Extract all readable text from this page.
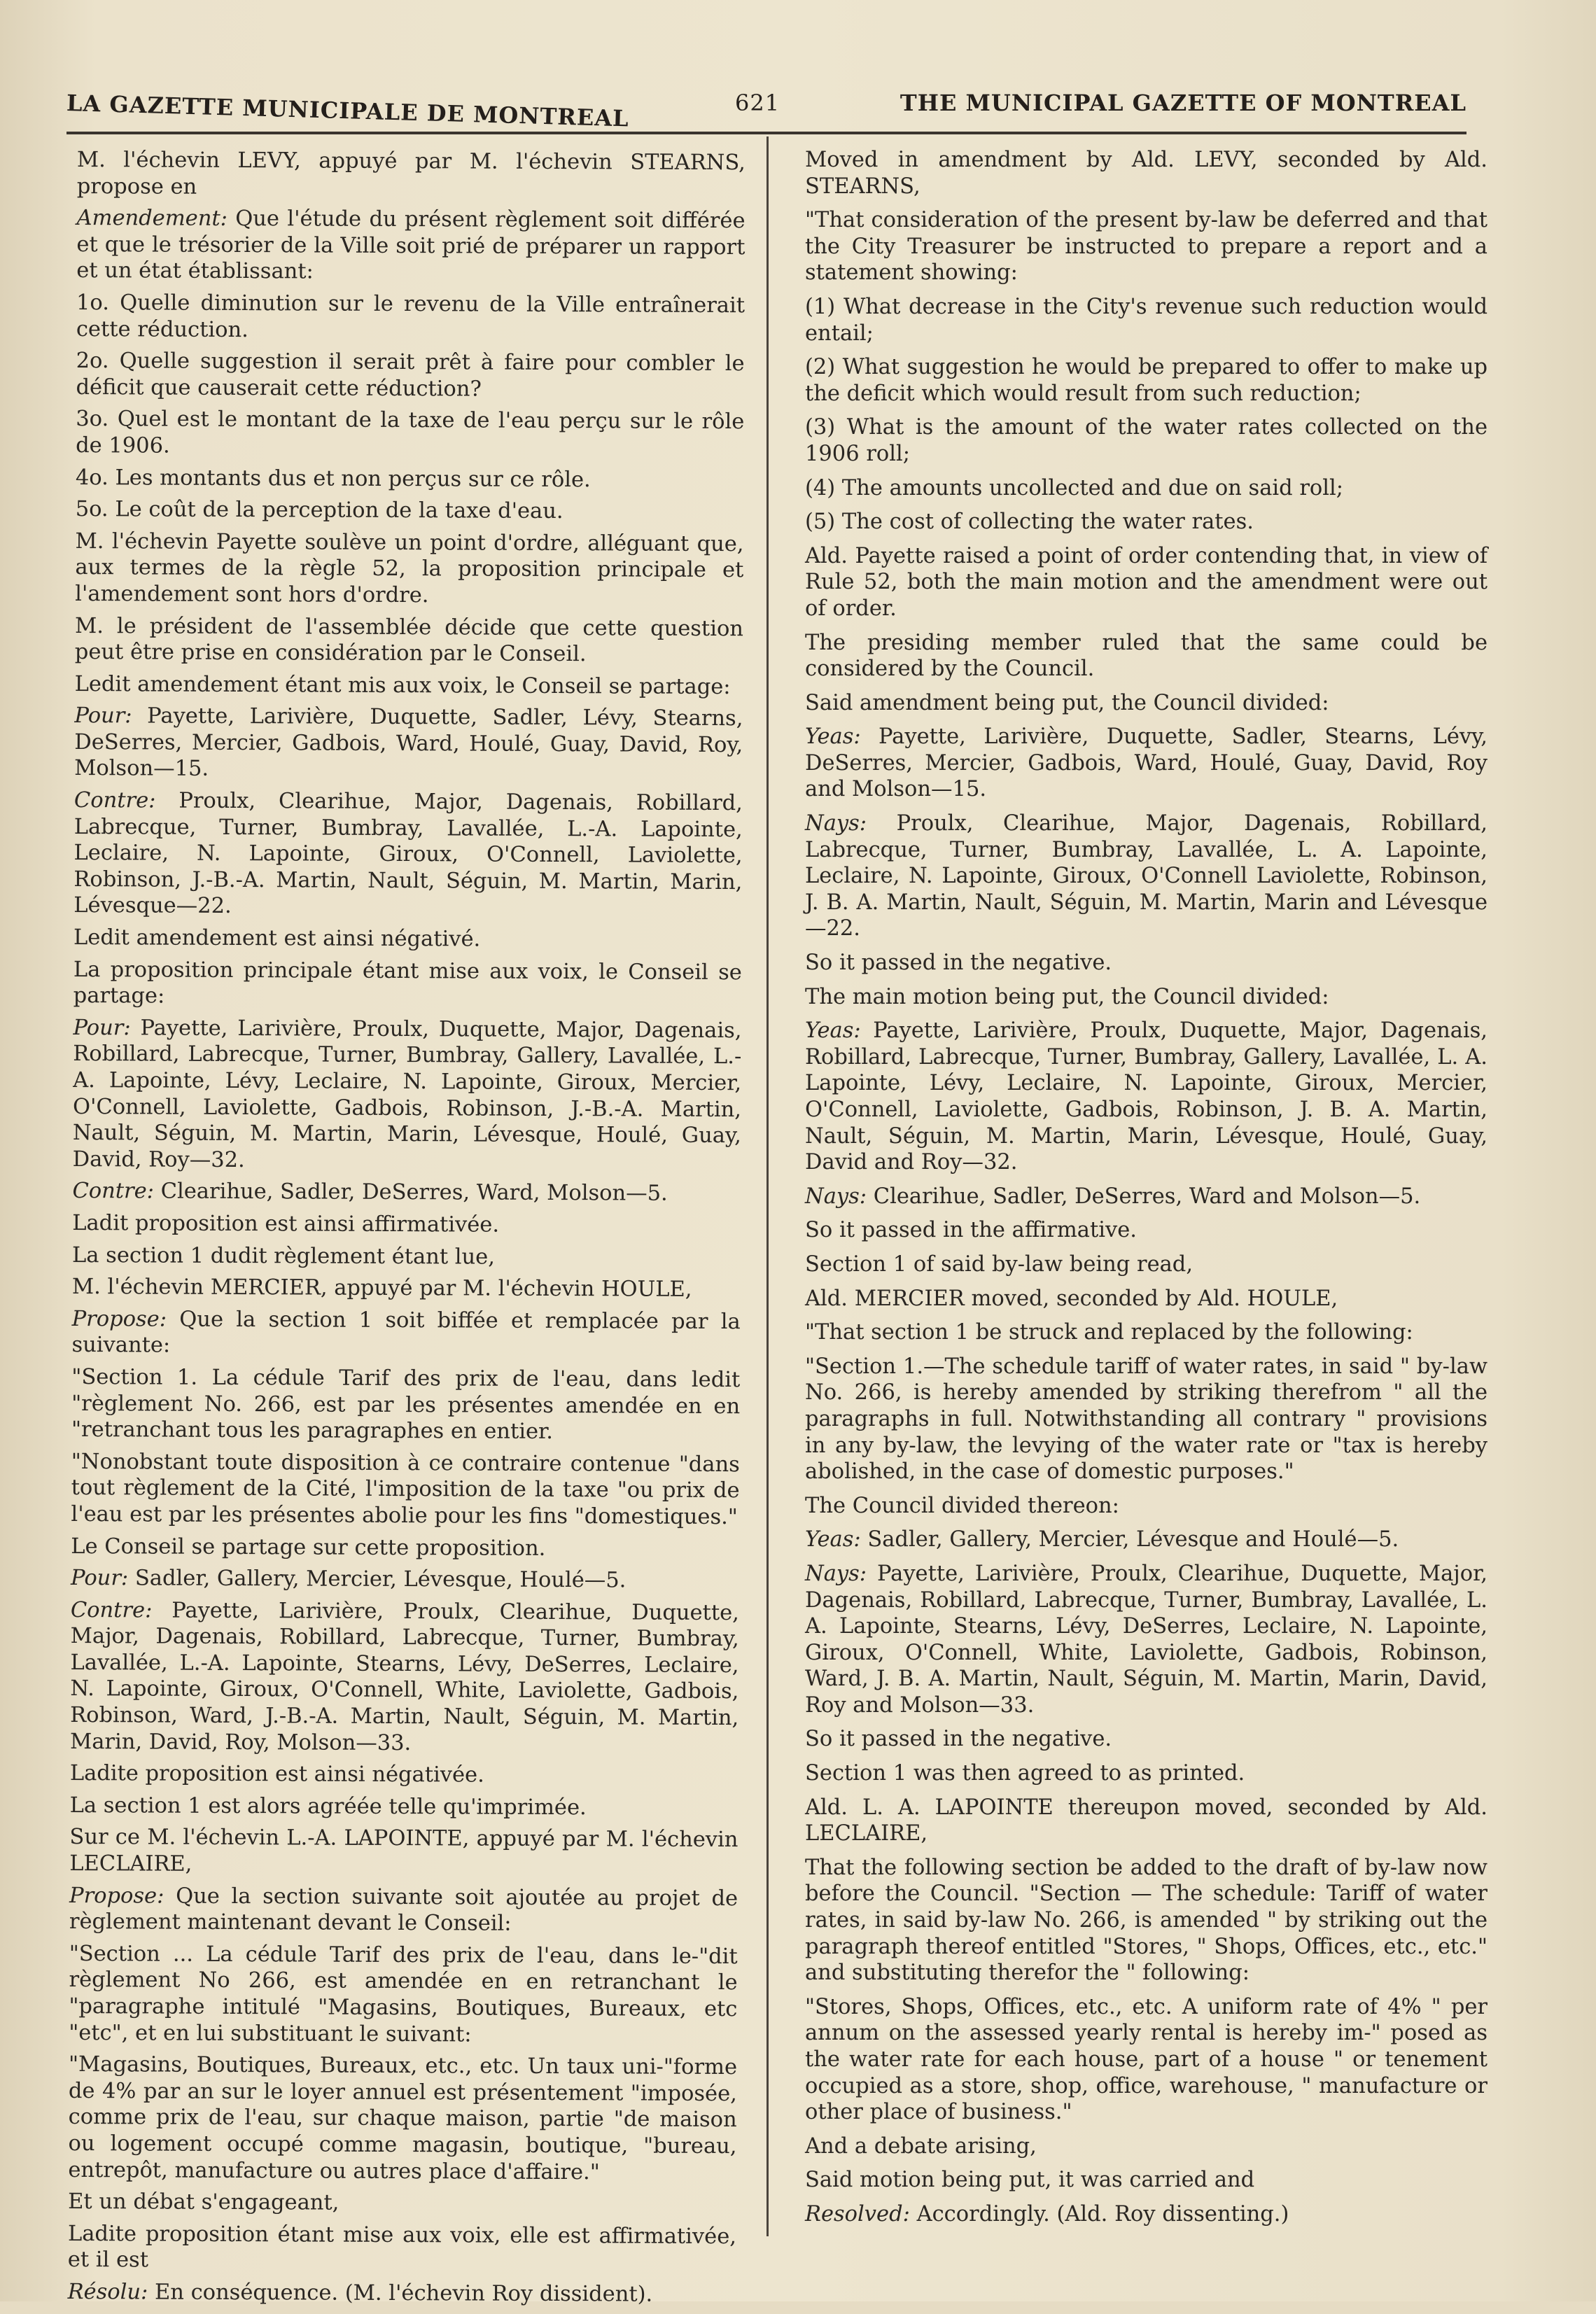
LA GAZETTE MUNICIPALE DE MONTREAL	621	THE MUNICIPAL GAZETTE OF MONTREAL

M. l'échevin LEVY, appuyé par M. l'échevin STEARNS, propose en

Amendement: Que l'étude du présent règlement soit différée et que le trésorier de la Ville soit prié de préparer un rapport et un état établissant:

1o. Quelle diminution sur le revenu de la Ville entraînerait cette réduction.

2o. Quelle suggestion il serait prêt à faire pour combler le déficit que causerait cette réduction?

3o. Quel est le montant de la taxe de l'eau perçu sur le rôle de 1906.

4o. Les montants dus et non perçus sur ce rôle.

5o. Le coût de la perception de la taxe d'eau.

M. l'échevin Payette soulève un point d'ordre, alléguant que, aux termes de la règle 52, la proposition principale et l'amendement sont hors d'ordre.

M. le président de l'assemblée décide que cette question peut être prise en considération par le Conseil.

Ledit amendement étant mis aux voix, le Conseil se partage:

Pour: Payette, Larivière, Duquette, Sadler, Lévy, Stearns, DeSerres, Mercier, Gadbois, Ward, Houlé, Guay, David, Roy, Molson—15.

Contre: Proulx, Clearihue, Major, Dagenais, Robillard, Labrecque, Turner, Bumbray, Lavallée, L.-A. Lapointe, Leclaire, N. Lapointe, Giroux, O'Connell, Laviolette, Robinson, J.-B.-A. Martin, Nault, Séguin, M. Martin, Marin, Lévesque—22.

Ledit amendement est ainsi négativé.

La proposition principale étant mise aux voix, le Conseil se partage:

Pour: Payette, Larivière, Proulx, Duquette, Major, Dagenais, Robillard, Labrecque, Turner, Bumbray, Gallery, Lavallée, L.-A. Lapointe, Lévy, Leclaire, N. Lapointe, Giroux, Mercier, O'Connell, Laviolette, Gadbois, Robinson, J.-B.-A. Martin, Nault, Séguin, M. Martin, Marin, Lévesque, Houlé, Guay, David, Roy—32.

Contre: Clearihue, Sadler, DeSerres, Ward, Molson—5.

Ladit proposition est ainsi affirmativée.

La section 1 dudit règlement étant lue,

M. l'échevin MERCIER, appuyé par M. l'échevin HOULE,

Propose: Que la section 1 soit biffée et remplacée par la suivante:

"Section 1. La cédule Tarif des prix de l'eau, dans ledit "règlement No. 266, est par les présentes amendée en en "retranchant tous les paragraphes en entier.

"Nonobstant toute disposition à ce contraire contenue "dans tout règlement de la Cité, l'imposition de la taxe "ou prix de l'eau est par les présentes abolie pour les fins "domestiques."

Le Conseil se partage sur cette proposition.

Pour: Sadler, Gallery, Mercier, Lévesque, Houlé—5.

Contre: Payette, Larivière, Proulx, Clearihue, Duquette, Major, Dagenais, Robillard, Labrecque, Turner, Bumbray, Lavallée, L.-A. Lapointe, Stearns, Lévy, DeSerres, Leclaire, N. Lapointe, Giroux, O'Connell, White, Laviolette, Gadbois, Robinson, Ward, J.-B.-A. Martin, Nault, Séguin, M. Martin, Marin, David, Roy, Molson—33.

Ladite proposition est ainsi négativée.

La section 1 est alors agréée telle qu'imprimée.

Sur ce M. l'échevin L.-A. LAPOINTE, appuyé par M. l'échevin LECLAIRE,

Propose: Que la section suivante soit ajoutée au projet de règlement maintenant devant le Conseil:

"Section ... La cédule Tarif des prix de l'eau, dans le-"dit règlement No 266, est amendée en en retranchant le "paragraphe intitulé "Magasins, Boutiques, Bureaux, etc "etc", et en lui substituant le suivant:

"Magasins, Boutiques, Bureaux, etc., etc. Un taux uni-"forme de 4% par an sur le loyer annuel est présentement "imposée, comme prix de l'eau, sur chaque maison, partie "de maison ou logement occupé comme magasin, boutique, "bureau, entrepôt, manufacture ou autres place d'affaire."

Et un débat s'engageant,

Ladite proposition étant mise aux voix, elle est affirmativée, et il est

Résolu: En conséquence. (M. l'échevin Roy dissident).

Moved in amendment by Ald. LEVY, seconded by Ald. STEARNS,

"That consideration of the present by-law be deferred and that the City Treasurer be instructed to prepare a report and a statement showing:

(1) What decrease in the City's revenue such reduction would entail;

(2) What suggestion he would be prepared to offer to make up the deficit which would result from such reduction;

(3) What is the amount of the water rates collected on the 1906 roll;

(4) The amounts uncollected and due on said roll;

(5) The cost of collecting the water rates.

Ald. Payette raised a point of order contending that, in view of Rule 52, both the main motion and the amendment were out of order.

The presiding member ruled that the same could be considered by the Council.

Said amendment being put, the Council divided:

Yeas: Payette, Larivière, Duquette, Sadler, Stearns, Lévy, DeSerres, Mercier, Gadbois, Ward, Houlé, Guay, David, Roy and Molson—15.

Nays: Proulx, Clearihue, Major, Dagenais, Robillard, Labrecque, Turner, Bumbray, Lavallée, L. A. Lapointe, Leclaire, N. Lapointe, Giroux, O'Connell Laviolette, Robinson, J. B. A. Martin, Nault, Séguin, M. Martin, Marin and Lévesque—22.

So it passed in the negative.

The main motion being put, the Council divided:

Yeas: Payette, Larivière, Proulx, Duquette, Major, Dagenais, Robillard, Labrecque, Turner, Bumbray, Gallery, Lavallée, L. A. Lapointe, Lévy, Leclaire, N. Lapointe, Giroux, Mercier, O'Connell, Laviolette, Gadbois, Robinson, J. B. A. Martin, Nault, Séguin, M. Martin, Marin, Lévesque, Houlé, Guay, David and Roy—32.

Nays: Clearihue, Sadler, DeSerres, Ward and Molson—5.

So it passed in the affirmative.

Section 1 of said by-law being read,

Ald. MERCIER moved, seconded by Ald. HOULE,

"That section 1 be struck and replaced by the following:

"Section 1.—The schedule tariff of water rates, in said " by-law No. 266, is hereby amended by striking therefrom " all the paragraphs in full. Notwithstanding all contrary " provisions in any by-law, the levying of the water rate or "tax is hereby abolished, in the case of domestic purposes."

The Council divided thereon:

Yeas: Sadler, Gallery, Mercier, Lévesque and Houlé—5.

Nays: Payette, Larivière, Proulx, Clearihue, Duquette, Major, Dagenais, Robillard, Labrecque, Turner, Bumbray, Lavallée, L. A. Lapointe, Stearns, Lévy, DeSerres, Leclaire, N. Lapointe, Giroux, O'Connell, White, Laviolette, Gadbois, Robinson, Ward, J. B. A. Martin, Nault, Séguin, M. Martin, Marin, David, Roy and Molson—33.

So it passed in the negative.

Section 1 was then agreed to as printed.

Ald. L. A. LAPOINTE thereupon moved, seconded by Ald. LECLAIRE,

That the following section be added to the draft of by-law now before the Council. "Section — The schedule: Tariff of water rates, in said by-law No. 266, is amended " by striking out the paragraph thereof entitled "Stores, " Shops, Offices, etc., etc." and substituting therefor the " following:

"Stores, Shops, Offices, etc., etc. A uniform rate of 4% " per annum on the assessed yearly rental is hereby im-" posed as the water rate for each house, part of a house " or tenement occupied as a store, shop, office, warehouse, " manufacture or other place of business."

And a debate arising,

Said motion being put, it was carried and

Resolved: Accordingly. (Ald. Roy dissenting.)
